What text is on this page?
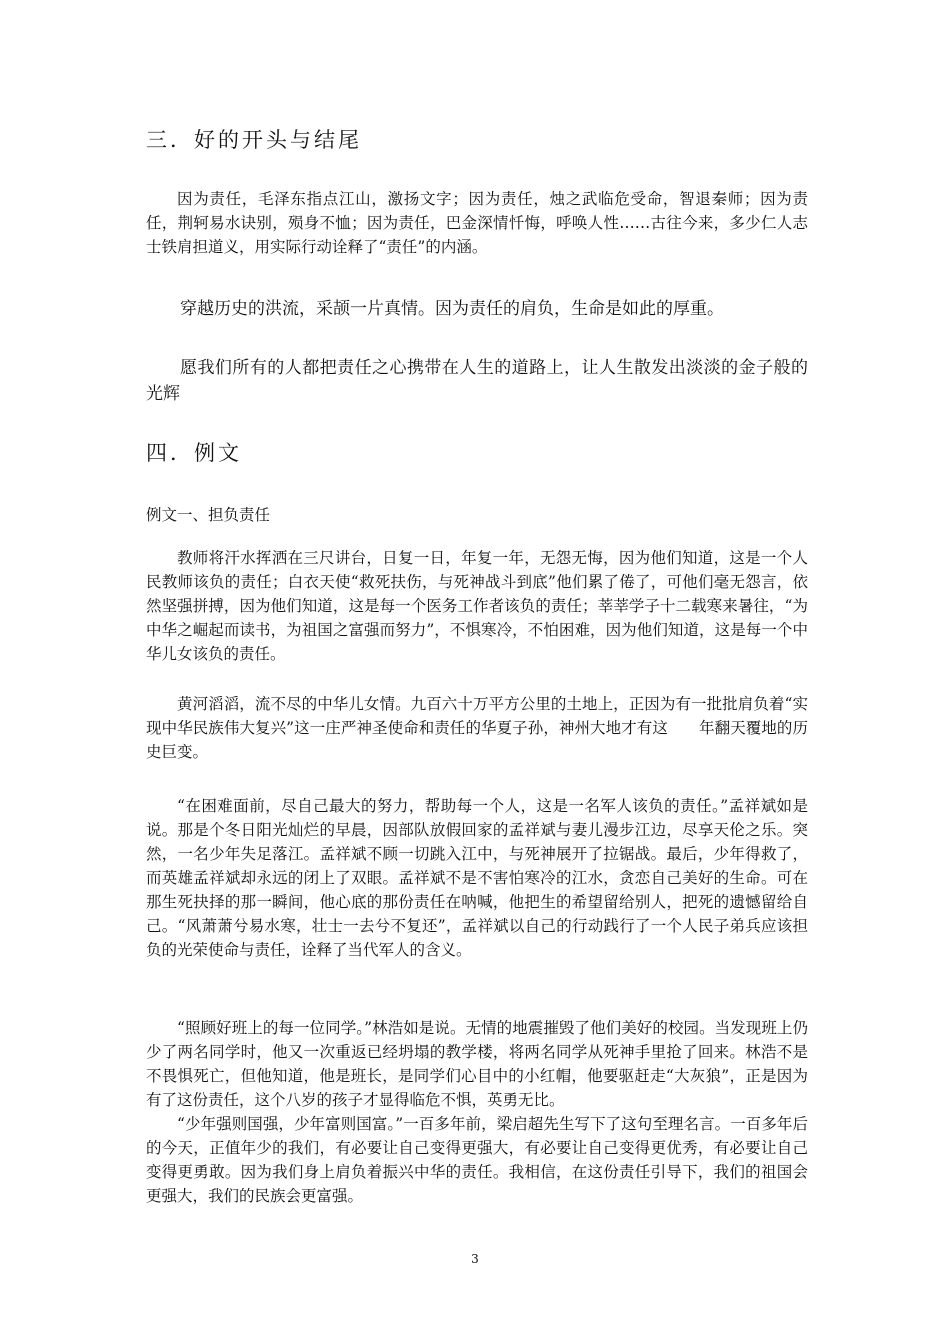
三．好的开头与结尾

因为责任，毛泽东指点江山，激扬文字；因为责任，烛之武临危受命，智退秦师；因为责任，荆轲易水诀别，殒身不恤；因为责任，巴金深情忏悔，呼唤人性……古往今来，多少仁人志士铁肩担道义，用实际行动诠释了“责任”的内涵。

穿越历史的洪流，采颉一片真情。因为责任的肩负，生命是如此的厚重。

愿我们所有的人都把责任之心携带在人生的道路上，让人生散发出淡淡的金子般的光辉

四．例文

例文一、担负责任

教师将汗水挥洒在三尺讲台，日复一日，年复一年，无怨无悔，因为他们知道，这是一个人民教师该负的责任；白衣天使“救死扶伤，与死神战斗到底”他们累了倦了，可他们毫无怨言，依然坚强拼搏，因为他们知道，这是每一个医务工作者该负的责任；莘莘学子十二载寒来暑往，“为中华之崛起而读书，为祖国之富强而努力”，不惧寒冷，不怕困难，因为他们知道，这是每一个中华儿女该负的责任。

黄河滔滔，流不尽的中华儿女情。九百六十万平方公里的土地上，正因为有一批批肩负着“实现中华民族伟大复兴”这一庄严神圣使命和责任的华夏子孙，神州大地才有这　　年翻天覆地的历史巨变。

“在困难面前，尽自己最大的努力，帮助每一个人，这是一名军人该负的责任。”孟祥斌如是说。那是个冬日阳光灿烂的早晨，因部队放假回家的孟祥斌与妻儿漫步江边，尽享天伦之乐。突然，一名少年失足落江。孟祥斌不顾一切跳入江中，与死神展开了拉锯战。最后，少年得救了，而英雄孟祥斌却永远的闭上了双眼。孟祥斌不是不害怕寒冷的江水，贪恋自己美好的生命。可在那生死抉择的那一瞬间，他心底的那份责任在呐喊，他把生的希望留给别人，把死的遗憾留给自己。“风萧萧兮易水寒，壮士一去兮不复还”，孟祥斌以自己的行动践行了一个人民子弟兵应该担负的光荣使命与责任，诠释了当代军人的含义。

“照顾好班上的每一位同学。”林浩如是说。无情的地震摧毁了他们美好的校园。当发现班上仍少了两名同学时，他又一次重返已经坍塌的教学楼，将两名同学从死神手里抢了回来。林浩不是不畏惧死亡，但他知道，他是班长，是同学们心目中的小红帽，他要驱赶走“大灰狼”，正是因为有了这份责任，这个八岁的孩子才显得临危不惧，英勇无比。

“少年强则国强，少年富则国富。”一百多年前，梁启超先生写下了这句至理名言。一百多年后的今天，正值年少的我们，有必要让自己变得更强大，有必要让自己变得更优秀，有必要让自己变得更勇敢。因为我们身上肩负着振兴中华的责任。我相信，在这份责任引导下，我们的祖国会更强大，我们的民族会更富强。

3
